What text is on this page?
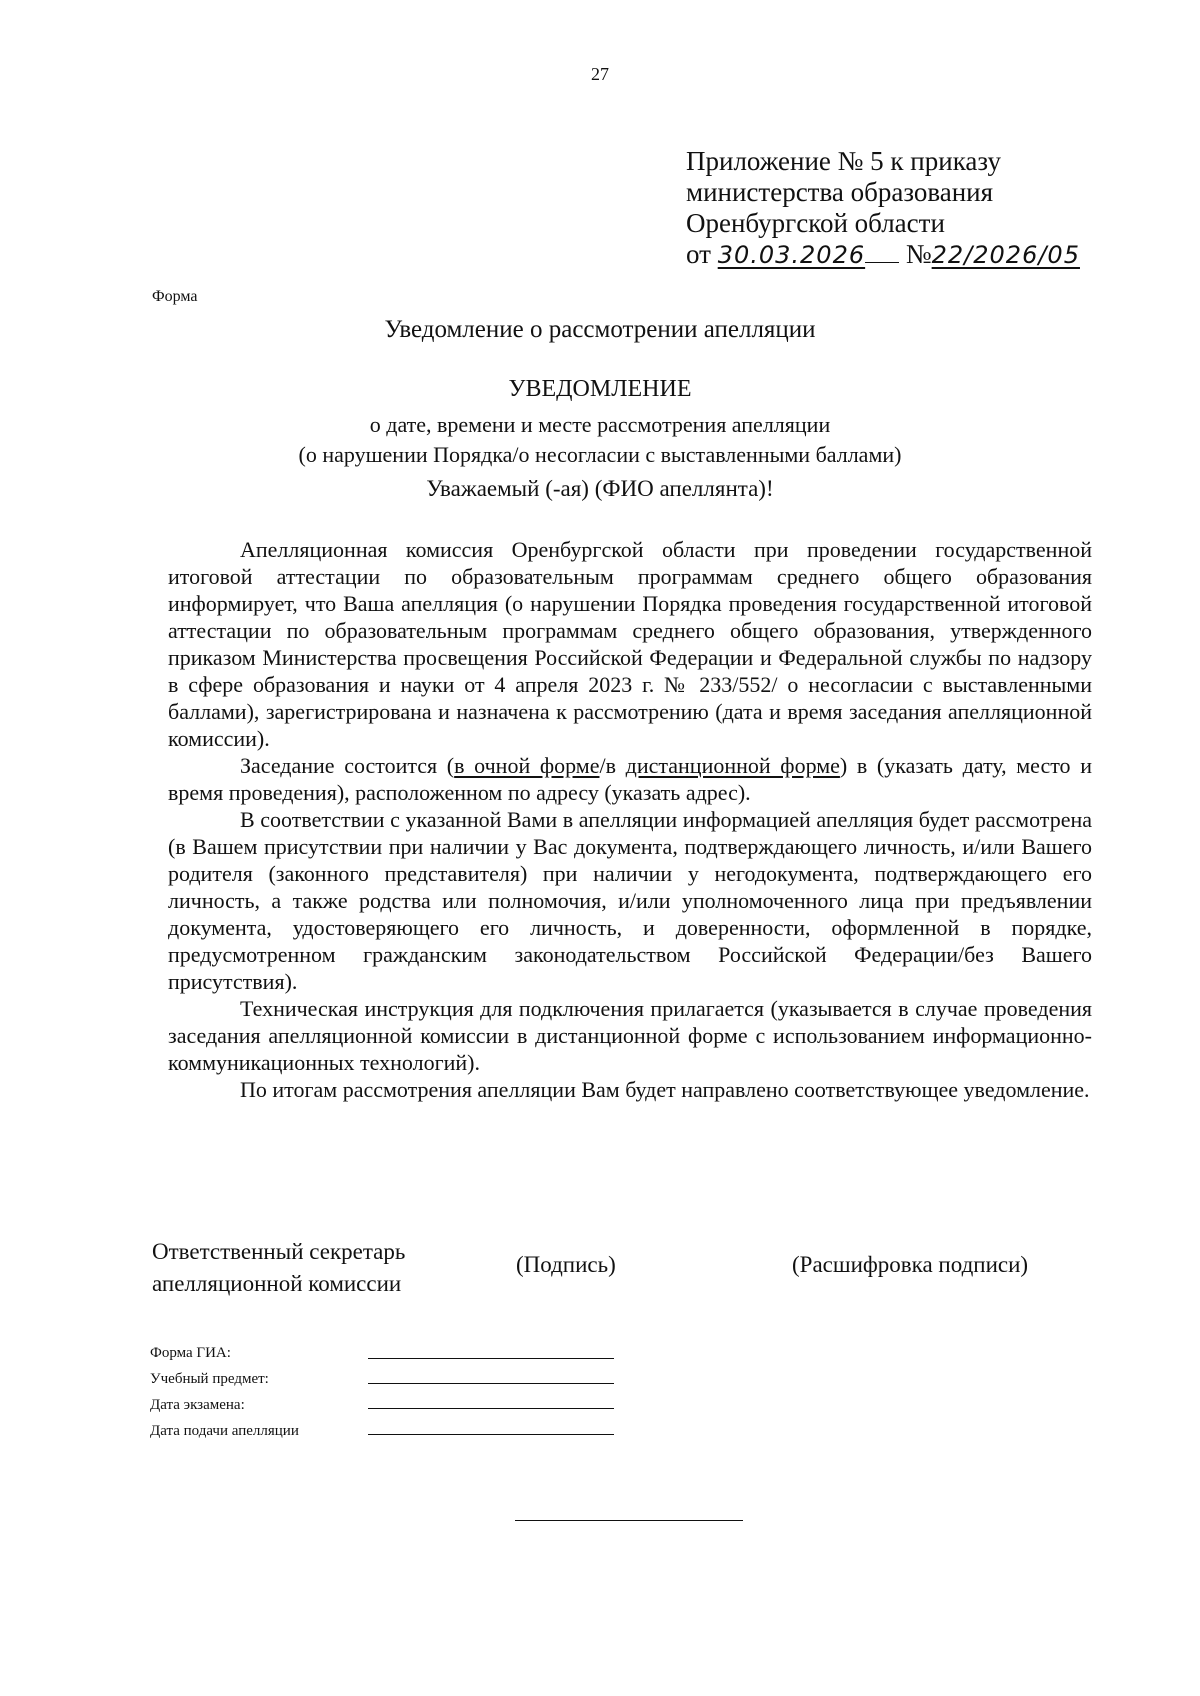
27
Приложение № 5 к приказу
министерства образования
Оренбургской области
от 30.03.2026 №22/2026/05
Форма
Уведомление о рассмотрении апелляции
УВЕДОМЛЕНИЕ
о дате, времени и месте рассмотрения апелляции
(о нарушении Порядка/о несогласии с выставленными баллами)
Уважаемый (-ая) (ФИО апеллянта)!

Апелляционная комиссия Оренбургской области при проведении государственной итоговой аттестации по образовательным программам среднего общего образования информирует, что Ваша апелляция (о нарушении Порядка проведения государственной итоговой аттестации по образовательным программам среднего общего образования, утвержденного приказом Министерства просвещения Российской Федерации и Федеральной службы по надзору в сфере образования и науки от 4 апреля 2023 г. № 233/552/ о несогласии с выставленными баллами), зарегистрирована и назначена к рассмотрению (дата и время заседания апелляционной комиссии).

Заседание состоится (в очной форме/в дистанционной форме) в (указать дату, место и время проведения), расположенном по адресу (указать адрес).

В соответствии с указанной Вами в апелляции информацией апелляция будет рассмотрена (в Вашем присутствии при наличии у Вас документа, подтверждающего личность, и/или Вашего родителя (законного представителя) при наличии у негодокумента, подтверждающего его личность, а также родства или полномочия, и/или уполномоченного лица при предъявлении документа, удостоверяющего его личность, и доверенности, оформленной в порядке, предусмотренном гражданским законодательством Российской Федерации/без Вашего присутствия).

Техническая инструкция для подключения прилагается (указывается в случае проведения заседания апелляционной комиссии в дистанционной форме с использованием информационно-коммуникационных технологий).

По итогам рассмотрения апелляции Вам будет направлено соответствующее уведомление.

Ответственный секретарь
апелляционной комиссии
(Подпись)	(Расшифровка подписи)
Форма ГИА:
Учебный предмет:
Дата экзамена:
Дата подачи апелляции
